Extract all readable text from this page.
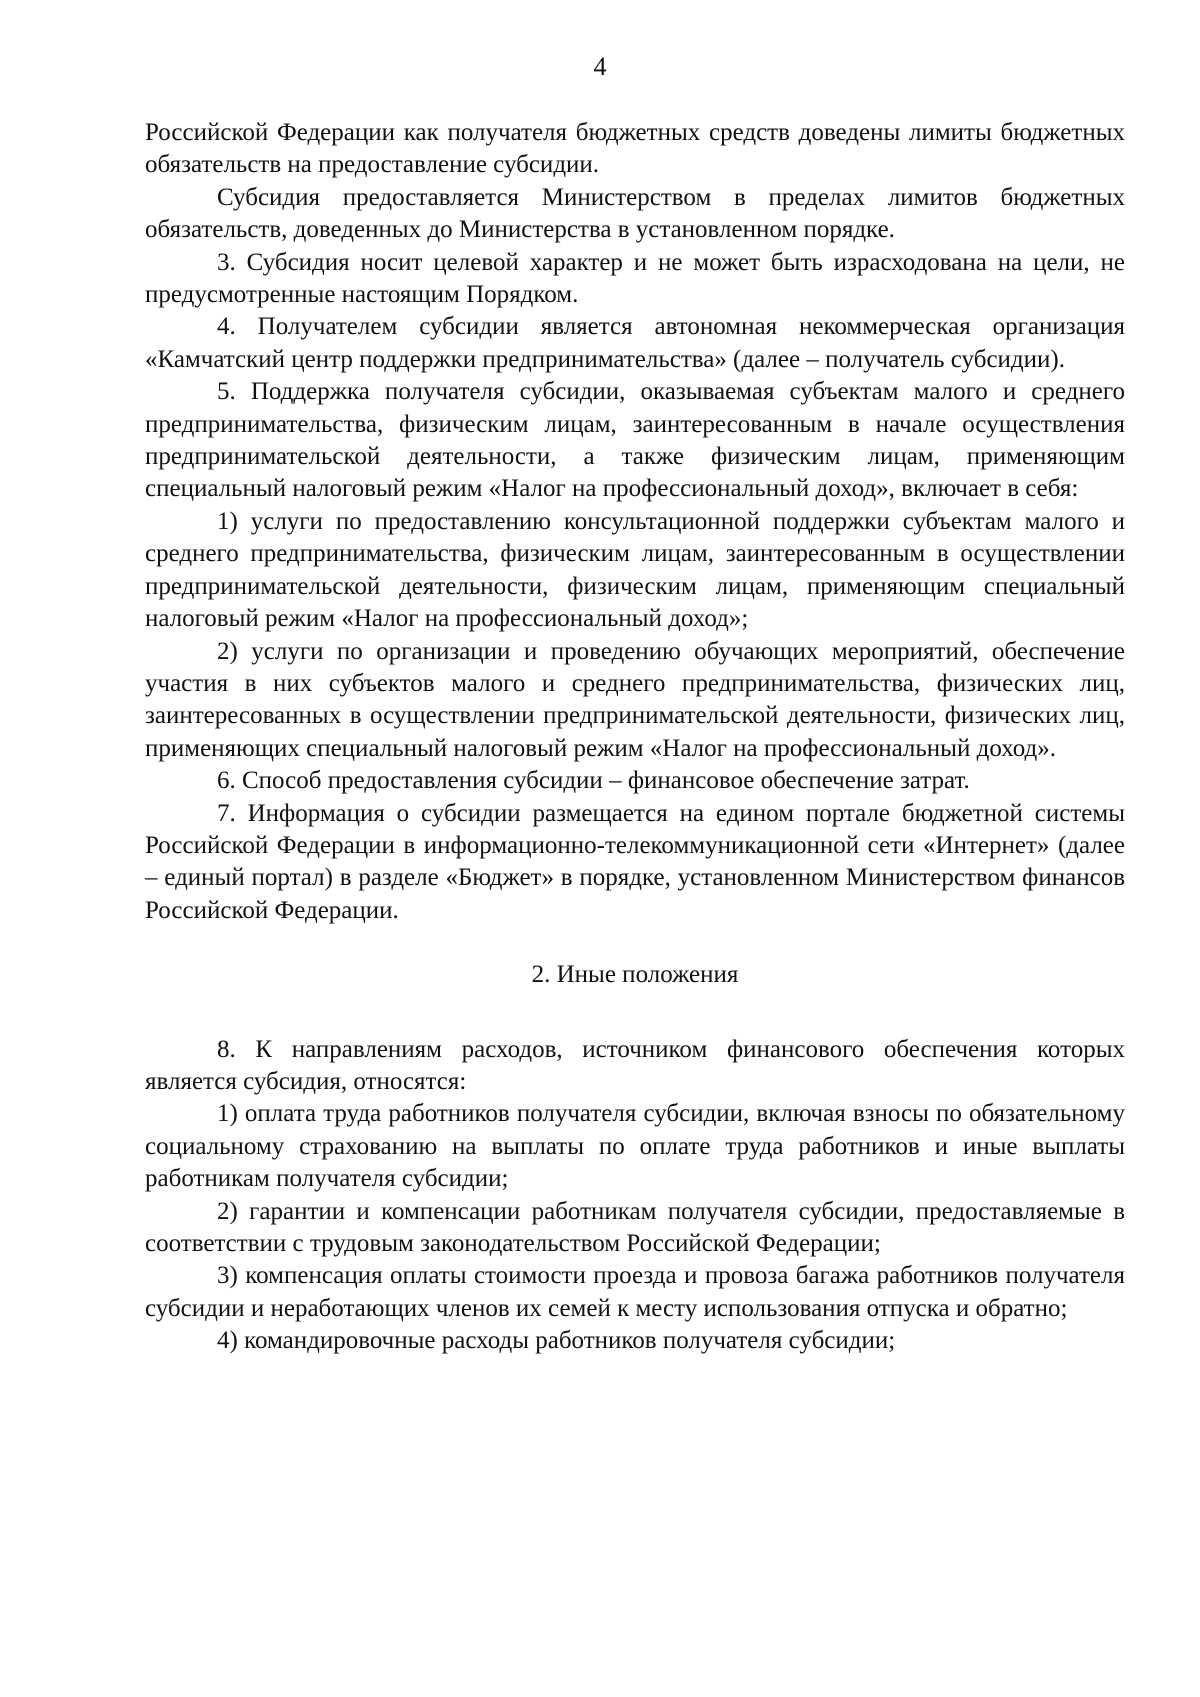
4

Российской Федерации как получателя бюджетных средств доведены лимиты бюджетных обязательств на предоставление субсидии.

Субсидия предоставляется Министерством в пределах лимитов бюджетных обязательств, доведенных до Министерства в установленном порядке.

3. Субсидия носит целевой характер и не может быть израсходована на цели, не предусмотренные настоящим Порядком.

4. Получателем субсидии является автономная некоммерческая организация «Камчатский центр поддержки предпринимательства» (далее – получатель субсидии).

5. Поддержка получателя субсидии, оказываемая субъектам малого и среднего предпринимательства, физическим лицам, заинтересованным в начале осуществления предпринимательской деятельности, а также физическим лицам, применяющим специальный налоговый режим «Налог на профессиональный доход», включает в себя:

1) услуги по предоставлению консультационной поддержки субъектам малого и среднего предпринимательства, физическим лицам, заинтересованным в осуществлении предпринимательской деятельности, физическим лицам, применяющим специальный налоговый режим «Налог на профессиональный доход»;

2) услуги по организации и проведению обучающих мероприятий, обеспечение участия в них субъектов малого и среднего предпринимательства, физических лиц, заинтересованных в осуществлении предпринимательской деятельности, физических лиц, применяющих специальный налоговый режим «Налог на профессиональный доход».

6. Способ предоставления субсидии – финансовое обеспечение затрат.

7. Информация о субсидии размещается на едином портале бюджетной системы Российской Федерации в информационно-телекоммуникационной сети «Интернет» (далее – единый портал) в разделе «Бюджет» в порядке, установленном Министерством финансов Российской Федерации.

2. Иные положения

8. К направлениям расходов, источником финансового обеспечения которых является субсидия, относятся:

1) оплата труда работников получателя субсидии, включая взносы по обязательному социальному страхованию на выплаты по оплате труда работников и иные выплаты работникам получателя субсидии;

2) гарантии и компенсации работникам получателя субсидии, предоставляемые в соответствии с трудовым законодательством Российской Федерации;

3) компенсация оплаты стоимости проезда и провоза багажа работников получателя субсидии и неработающих членов их семей к месту использования отпуска и обратно;

4) командировочные расходы работников получателя субсидии;
